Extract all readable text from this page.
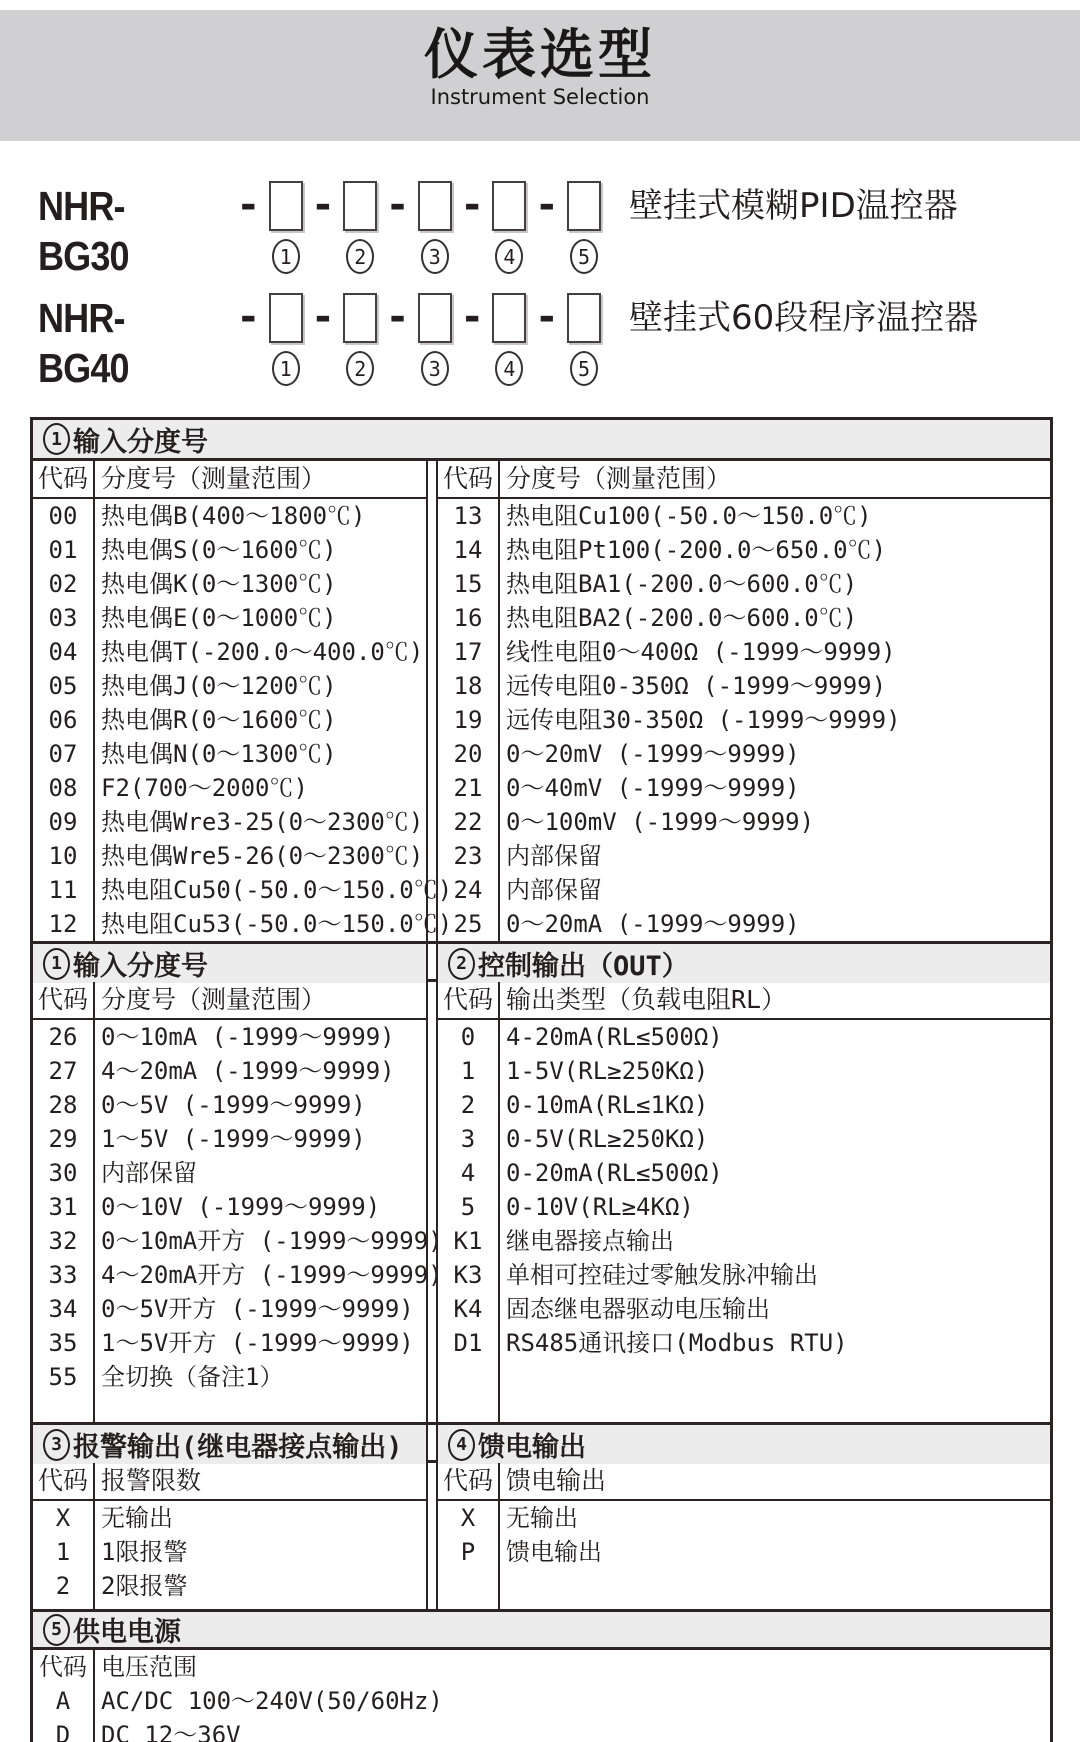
仪表选型
Instrument Selection
NHR-BG30
-
1
-
2
-
3
-
4
-
5
壁挂式模糊PID温控器
NHR-BG40
-
1
-
2
-
3
-
4
-
5
壁挂式60段程序温控器
1 输入分度号
代码 分度号（测量范围）
00 热电偶B(400～1800℃)
01 热电偶S(0～1600℃)
02 热电偶K(0～1300℃)
03 热电偶E(0～1000℃)
04 热电偶T(-200.0～400.0℃)
05 热电偶J(0～1200℃)
06 热电偶R(0～1600℃)
07 热电偶N(0～1300℃)
08 F2(700～2000℃)
09 热电偶Wre3-25(0～2300℃)
10 热电偶Wre5-26(0～2300℃)
11 热电阻Cu50(-50.0～150.0℃)
12 热电阻Cu53(-50.0～150.0℃)
代码 分度号（测量范围）
13 热电阻Cu100(-50.0～150.0℃)
14 热电阻Pt100(-200.0～650.0℃)
15 热电阻BA1(-200.0～600.0℃)
16 热电阻BA2(-200.0～600.0℃)
17 线性电阻0～400Ω (-1999～9999)
18 远传电阻0-350Ω (-1999～9999)
19 远传电阻30-350Ω (-1999～9999)
20 0～20mV (-1999～9999)
21 0～40mV (-1999～9999)
22 0～100mV (-1999～9999)
23 内部保留
24 内部保留
25 0～20mA (-1999～9999)
1 输入分度号	2 控制输出（OUT）
代码 分度号（测量范围）
26 0～10mA (-1999～9999)
27 4～20mA (-1999～9999)
28 0～5V (-1999～9999)
29 1～5V (-1999～9999)
30 内部保留
31 0～10V (-1999～9999)
32 0～10mA开方 (-1999～9999)
33 4～20mA开方 (-1999～9999)
34 0～5V开方 (-1999～9999)
35 1～5V开方 (-1999～9999)
55 全切换（备注1）
代码 输出类型（负载电阻RL）
0	4-20mA(RL≤500Ω)
1	1-5V(RL≥250KΩ)
2	0-10mA(RL≤1KΩ)
3	0-5V(RL≥250KΩ)
4	0-20mA(RL≤500Ω)
5	0-10V(RL≥4KΩ)
K1 继电器接点输出
K3 单相可控硅过零触发脉冲输出
K4 固态继电器驱动电压输出
D1 RS485通讯接口(Modbus RTU)
3 报警输出(继电器接点输出)	4 馈电输出
代码 报警限数
X	无输出
1	1限报警
2	2限报警
代码 馈电输出
X	无输出
P	馈电输出
5 供电电源
代码 电压范围
A	AC/DC 100～240V(50/60Hz)
D	DC 12～36V
